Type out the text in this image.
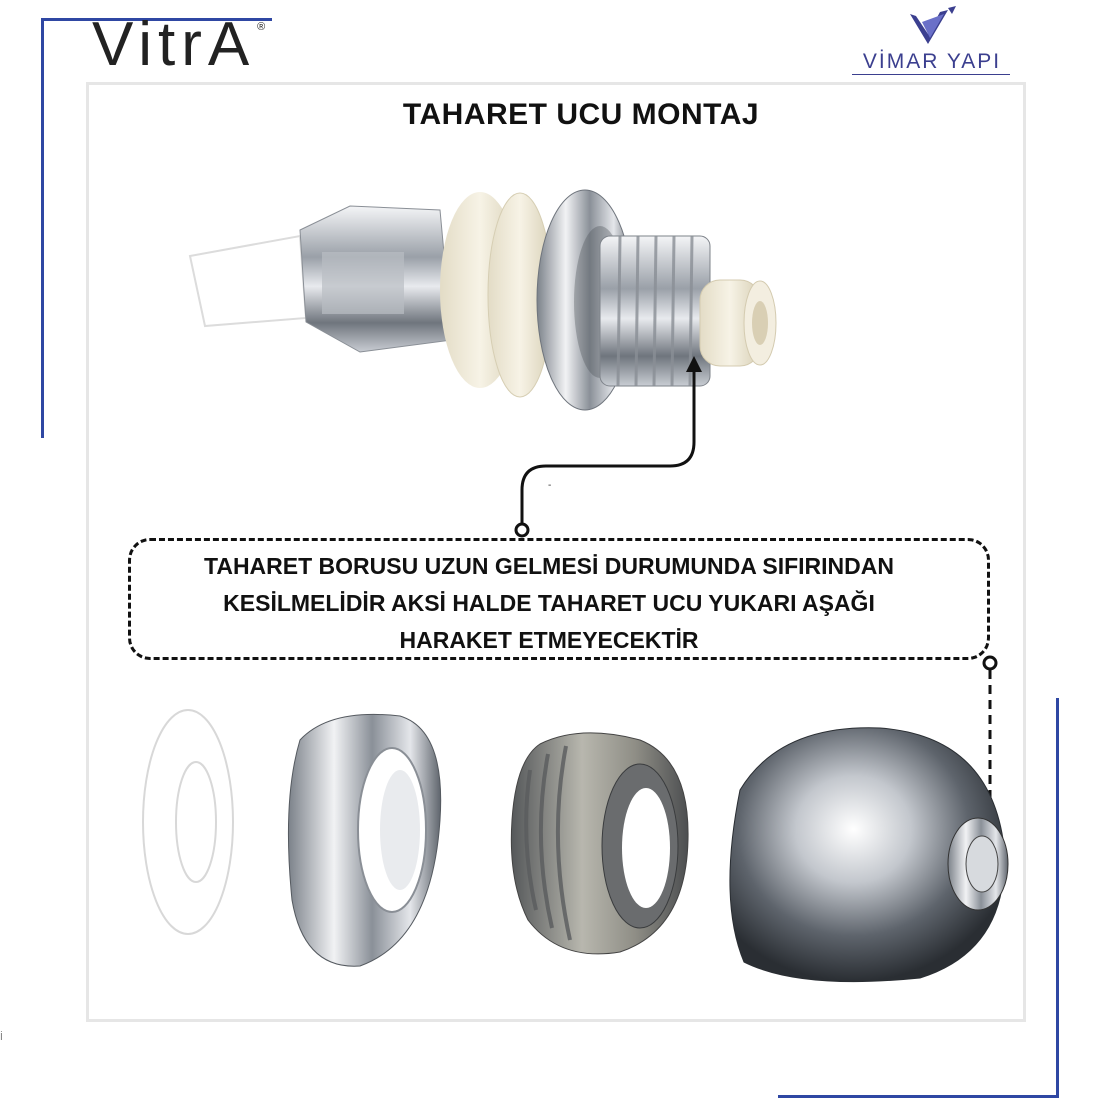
VitrA ®
VİMAR YAPI
TAHARET UCU MONTAJ
-
TAHARET BORUSU UZUN GELMESİ DURUMUNDA SIFIRINDAN
KESİLMELİDİR AKSİ HALDE TAHARET UCU YUKARI AŞAĞI
HARAKET ETMEYECEKTİR
İ
